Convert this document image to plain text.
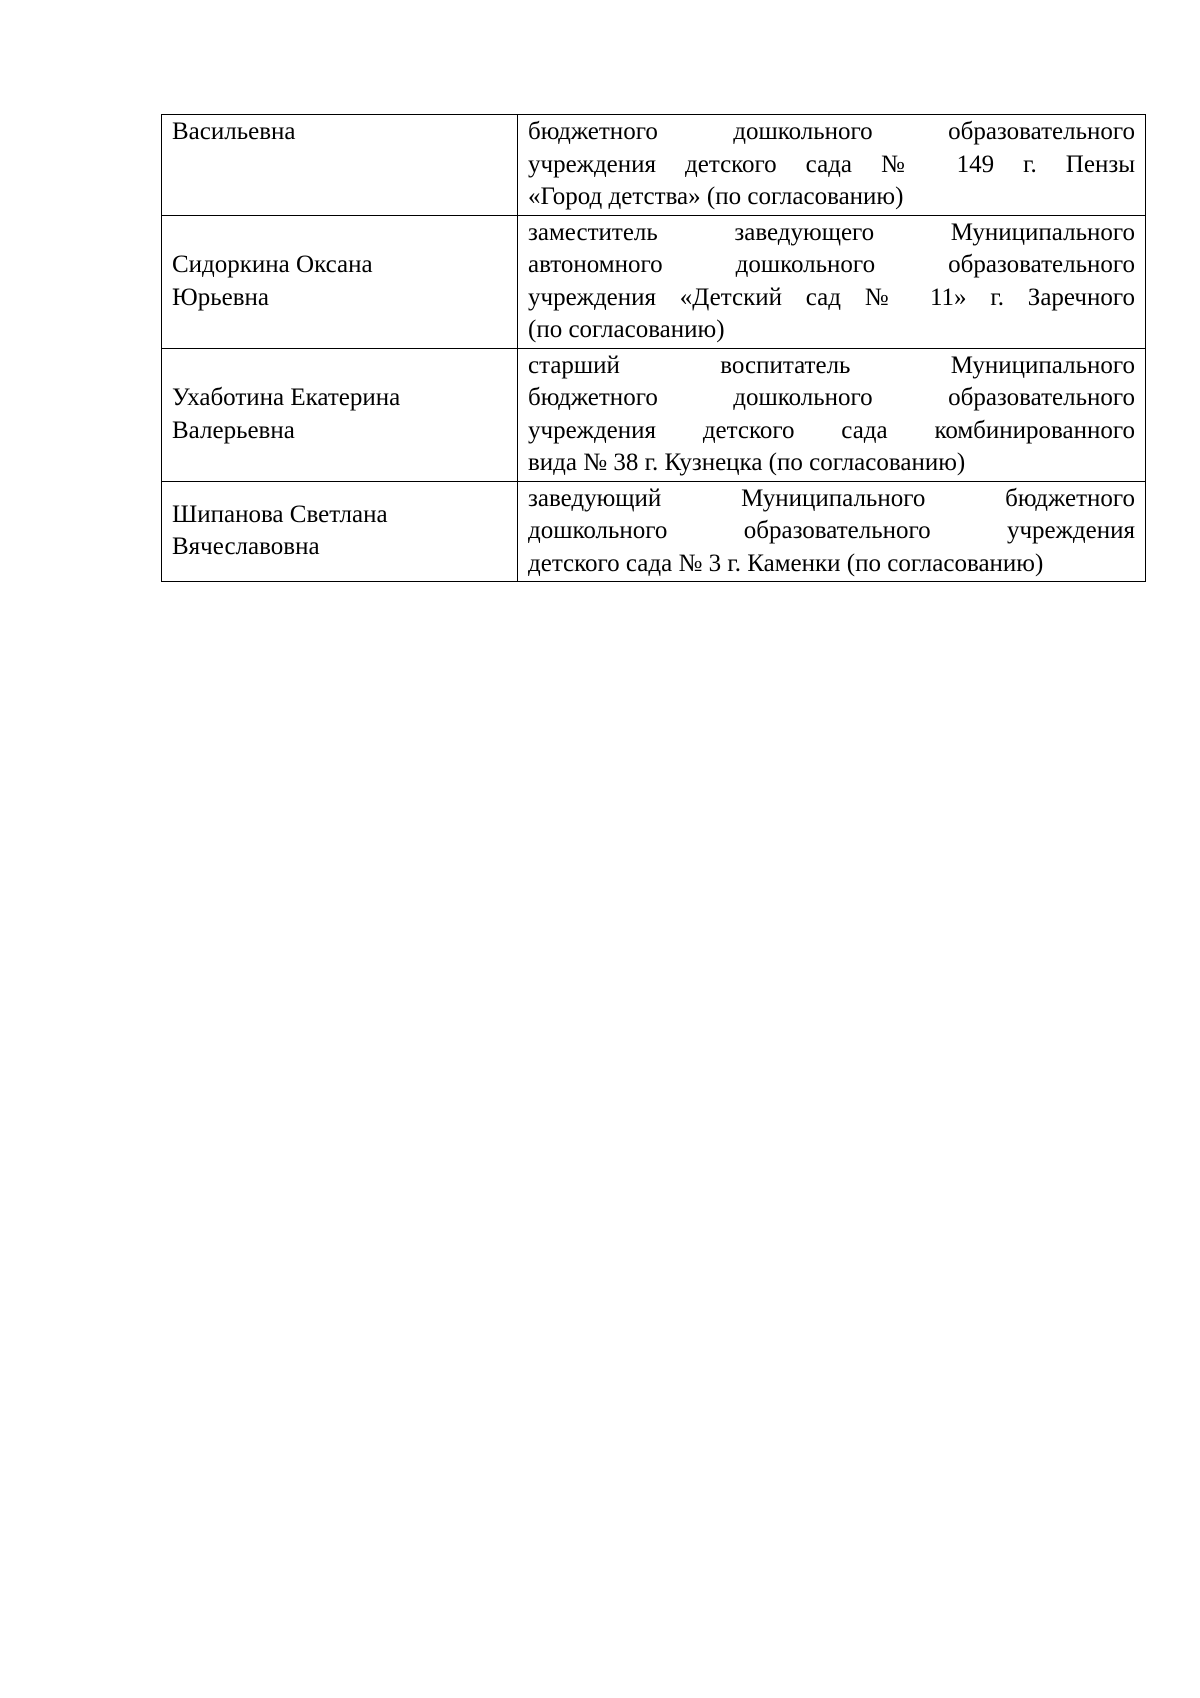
Васильевна	бюджетного дошкольного образовательного
учреждения детского сада № 149 г. Пензы
«Город детства» (по согласованию)

Сидоркина Оксана
Юрьевна	заместитель заведующего Муниципального
автономного дошкольного образовательного
учреждения «Детский сад № 11» г. Заречного
(по согласованию)

Ухаботина Екатерина
Валерьевна	старший воспитатель Муниципального
бюджетного дошкольного образовательного
учреждения детского сада комбинированного
вида № 38 г. Кузнецка (по согласованию)

Шипанова Светлана
Вячеславовна	заведующий Муниципального бюджетного
дошкольного образовательного учреждения
детского сада № 3 г. Каменки (по согласованию)
